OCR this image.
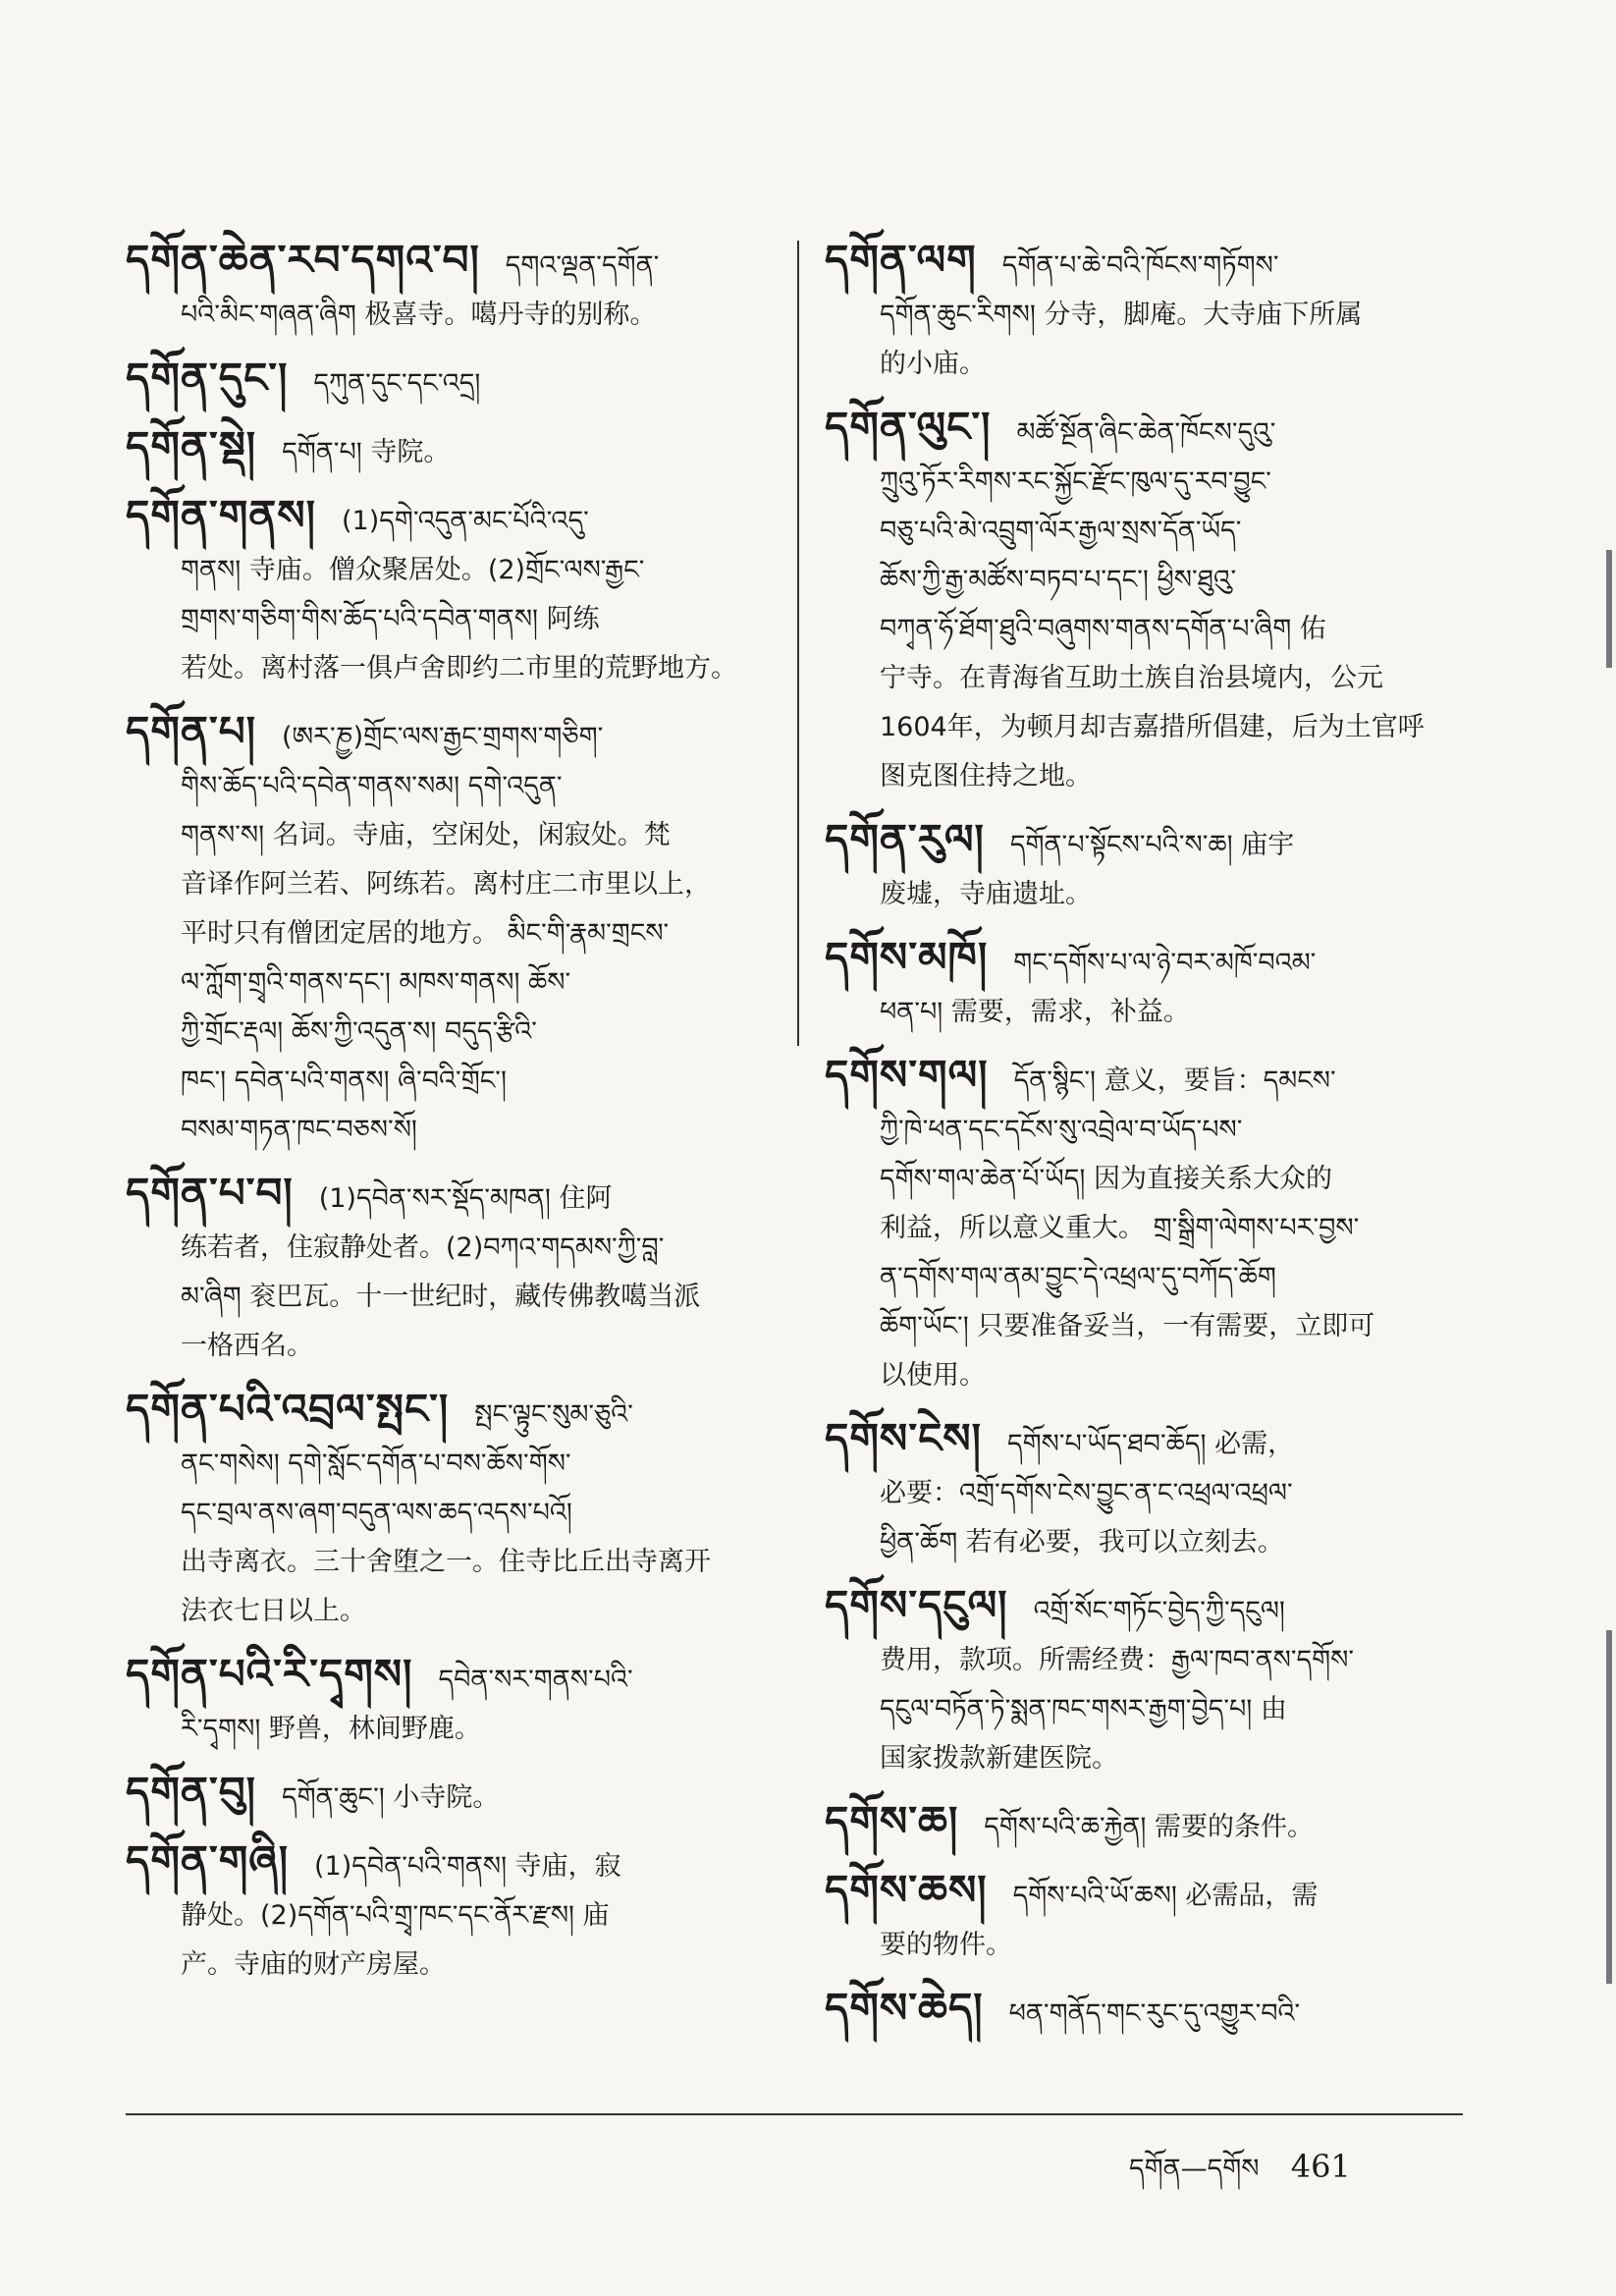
དགོན་ཆེན་རབ་དགའ་བ། དགའ་ལྡན་དགོན་

པའི་མིང་གཞན་ཞིག 极喜寺。噶丹寺的别称。

དགོན་དུང་། དཀུན་དུང་དང་འདྲ།

དགོན་སྡེ། དགོན་པ། 寺院。

དགོན་གནས། (1)དགེ་འདུན་མང་པོའི་འདུ་

གནས། 寺庙。僧众聚居处。(2)གྲོང་ལས་རྒྱང་

གྲགས་གཅིག་གིས་ཆོད་པའི་དབེན་གནས། 阿练

若处。离村落一俱卢舍即约二市里的荒野地方。

དགོན་པ། (ཨར་ཎྱ)གྲོང་ལས་རྒྱང་གྲགས་གཅིག་

གིས་ཆོད་པའི་དབེན་གནས་སམ། དགེ་འདུན་

གནས་ས། 名词。寺庙，空闲处，闲寂处。梵

音译作阿兰若、阿练若。离村庄二市里以上，

平时只有僧团定居的地方。 མིང་གི་རྣམ་གྲངས་

ལ་ཀློག་གྲྭའི་གནས་དང་། མཁས་གནས། ཆོས་

ཀྱི་གྲོང་རྡལ། ཆོས་ཀྱི་འདུན་ས། བདུད་རྩིའི་

ཁང་། དབེན་པའི་གནས། ཞི་བའི་གྲོང་།

བསམ་གཏན་ཁང་བཅས་སོ།

དགོན་པ་བ། (1)དབེན་སར་སྡོད་མཁན། 住阿

练若者，住寂静处者。(2)བཀའ་གདམས་ཀྱི་བླ་

མ་ཞིག 衮巴瓦。十一世纪时，藏传佛教噶当派

一格西名。

དགོན་པའི་འབྲལ་སྤང་། སྤང་ལྟུང་སུམ་ཅུའི་

ནང་གསེས། དགེ་སློང་དགོན་པ་བས་ཆོས་གོས་

དང་བྲལ་ནས་ཞག་བདུན་ལས་ཆད་འདས་པའོ།

出寺离衣。三十舍堕之一。住寺比丘出寺离开

法衣七日以上。

དགོན་པའི་རི་དྭགས། དབེན་སར་གནས་པའི་

རི་དྭགས། 野兽，林间野鹿。

དགོན་བུ། དགོན་ཆུང་། 小寺院。

དགོན་གཞི། (1)དབེན་པའི་གནས། 寺庙，寂

静处。(2)དགོན་པའི་གྲྭ་ཁང་དང་ནོར་རྫས། 庙

产。寺庙的财产房屋。

དགོན་ལག དགོན་པ་ཆེ་བའི་ཁོངས་གཏོགས་

དགོན་ཆུང་རིགས། 分寺，脚庵。大寺庙下所属

的小庙。

དགོན་ལུང་། མཚོ་སྔོན་ཞིང་ཆེན་ཁོངས་དུའུ་

ཀྲུའུ་ཏོར་རིགས་རང་སྐྱོང་རྫོང་ཁུལ་དུ་རབ་བྱུང་

བཅུ་པའི་མེ་འབྲུག་ལོར་རྒྱལ་སྲས་དོན་ཡོད་

ཆོས་ཀྱི་རྒྱ་མཚོས་བཏབ་པ་དང་། ཕྱིས་ཐུའུ་

བཀྭན་ཧོ་ཐོག་ཐུའི་བཞུགས་གནས་དགོན་པ་ཞིག 佑

宁寺。在青海省互助土族自治县境内，公元

1604年，为顿月却吉嘉措所倡建，后为土官呼

图克图住持之地。

དགོན་རུལ། དགོན་པ་སྟོངས་པའི་ས་ཆ། 庙宇

废墟，寺庙遗址。

དགོས་མཁོ། གང་དགོས་པ་ལ་ཉེ་བར་མཁོ་བའམ་

ཕན་པ། 需要，需求，补益。

དགོས་གལ། དོན་སྙིང་། 意义，要旨：དམངས་

ཀྱི་ཁེ་ཕན་དང་དངོས་སུ་འབྲེལ་བ་ཡོད་པས་

དགོས་གལ་ཆེན་པོ་ཡོད། 因为直接关系大众的

利益，所以意义重大。 གྲ་སྒྲིག་ལེགས་པར་བྱས་

ན་དགོས་གལ་ནམ་བྱུང་དེ་འཕྲལ་དུ་བཀོད་ཆོག

ཆོག་ཡོང་། 只要准备妥当，一有需要，立即可

以使用。

དགོས་ངེས། དགོས་པ་ཡོད་ཐབ་ཆོད། 必需，

必要：འགྲོ་དགོས་ངེས་བྱུང་ན་ང་འཕྲལ་འཕྲལ་

ཕྱིན་ཆོག 若有必要，我可以立刻去。

དགོས་དངུལ། འགྲོ་སོང་གཏོང་བྱེད་ཀྱི་དངུལ།

费用，款项。所需经费：རྒྱལ་ཁབ་ནས་དགོས་

དངུལ་བཏོན་ཏེ་སྨན་ཁང་གསར་རྒྱག་བྱེད་པ། 由

国家拨款新建医院。

དགོས་ཆ། དགོས་པའི་ཆ་རྐྱེན། 需要的条件。

དགོས་ཆས། དགོས་པའི་ཡོ་ཆས། 必需品，需

要的物件。

དགོས་ཆེད། ཕན་གནོད་གང་རུང་དུ་འགྱུར་བའི་

དགོན—དགོས 461
